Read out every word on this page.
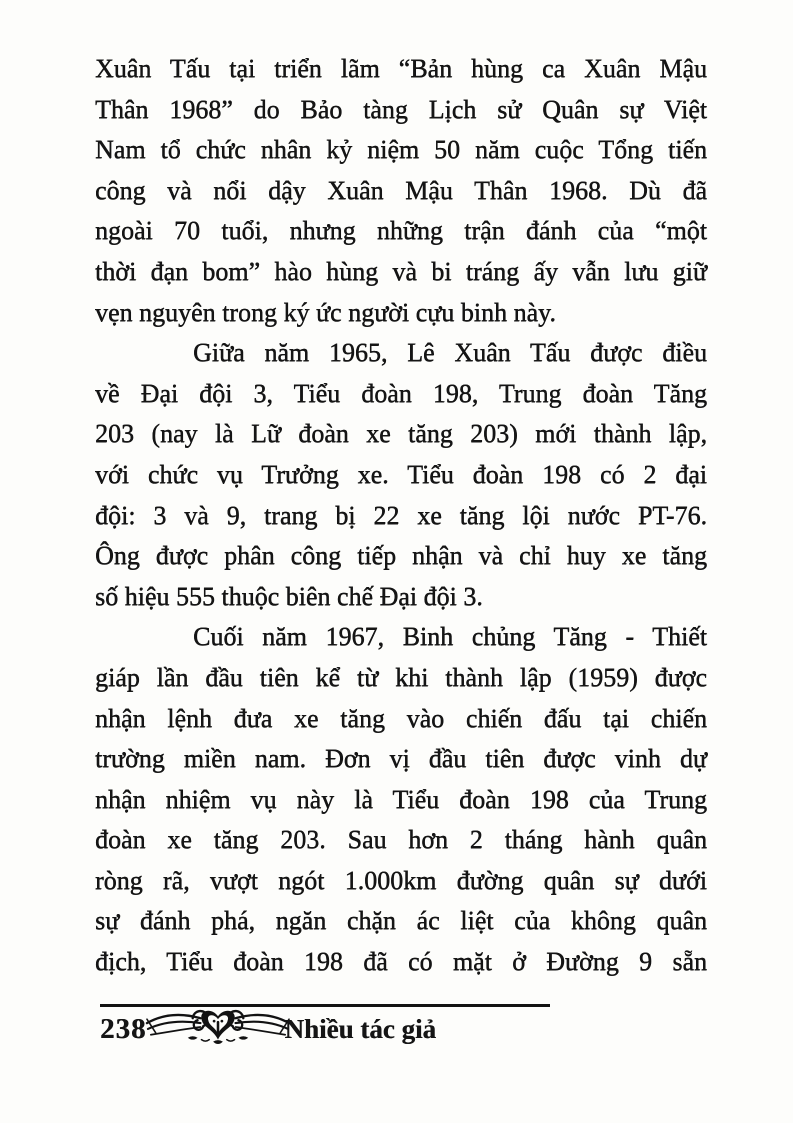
Xuân Tấu tại triển lãm “Bản hùng ca Xuân Mậu
Thân 1968” do Bảo tàng Lịch sử Quân sự Việt
Nam tổ chức nhân kỷ niệm 50 năm cuộc Tổng tiến
công và nổi dậy Xuân Mậu Thân 1968. Dù đã
ngoài 70 tuổi, nhưng những trận đánh của “một
thời đạn bom” hào hùng và bi tráng ấy vẫn lưu giữ
vẹn nguyên trong ký ức người cựu binh này.
Giữa năm 1965, Lê Xuân Tấu được điều
về Đại đội 3, Tiểu đoàn 198, Trung đoàn Tăng
203 (nay là Lữ đoàn xe tăng 203) mới thành lập,
với chức vụ Trưởng xe. Tiểu đoàn 198 có 2 đại
đội: 3 và 9, trang bị 22 xe tăng lội nước PT-76.
Ông được phân công tiếp nhận và chỉ huy xe tăng
số hiệu 555 thuộc biên chế Đại đội 3.
Cuối năm 1967, Binh chủng Tăng - Thiết
giáp lần đầu tiên kể từ khi thành lập (1959) được
nhận lệnh đưa xe tăng vào chiến đấu tại chiến
trường miền nam. Đơn vị đầu tiên được vinh dự
nhận nhiệm vụ này là Tiểu đoàn 198 của Trung
đoàn xe tăng 203. Sau hơn 2 tháng hành quân
ròng rã, vượt ngót 1.000km đường quân sự dưới
sự đánh phá, ngăn chặn ác liệt của không quân
địch, Tiểu đoàn 198 đã có mặt ở Đường 9 sẵn
238	Nhiều tác giả
